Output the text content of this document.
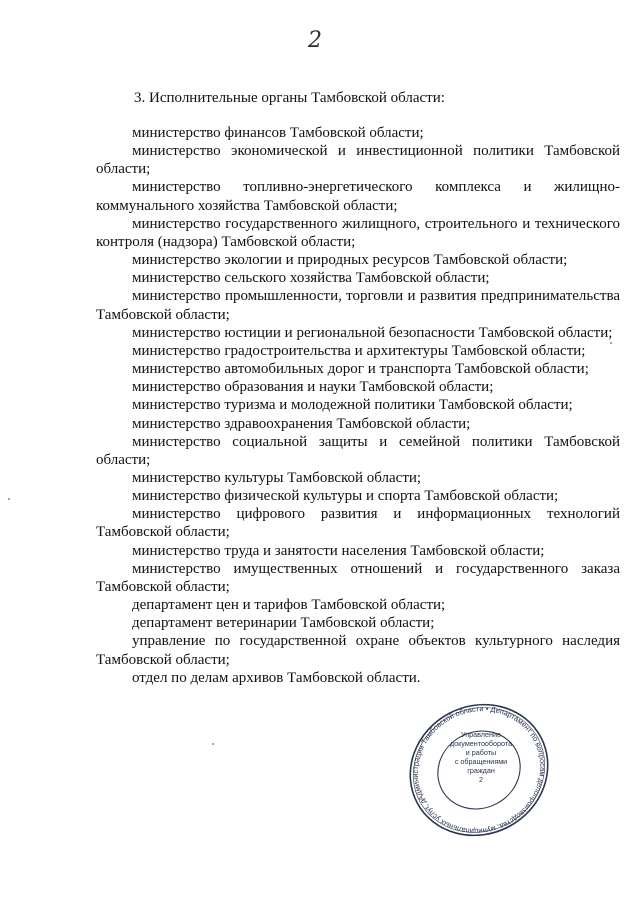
2
3. Исполнительные органы Тамбовской области:

министерство финансов Тамбовской области;

министерство экономической и инвестиционной политики Тамбовской области;

министерство топливно-энергетического комплекса и жилищно-коммунального хозяйства Тамбовской области;

министерство государственного жилищного, строительного и технического контроля (надзора) Тамбовской области;

министерство экологии и природных ресурсов Тамбовской области;

министерство сельского хозяйства Тамбовской области;

министерство промышленности, торговли и развития предпринимательства Тамбовской области;

министерство юстиции и региональной безопасности Тамбовской области;

министерство градостроительства и архитектуры Тамбовской области;

министерство автомобильных дорог и транспорта Тамбовской области;

министерство образования и науки Тамбовской области;

министерство туризма и молодежной политики Тамбовской области;

министерство здравоохранения Тамбовской области;

министерство социальной защиты и семейной политики Тамбовской области;

министерство культуры Тамбовской области;

министерство физической культуры и спорта Тамбовской области;

министерство цифрового развития и информационных технологий Тамбовской области;

министерство труда и занятости населения Тамбовской области;

министерство имущественных отношений и государственного заказа Тамбовской области;

департамент цен и тарифов Тамбовской области;

департамент ветеринарии Тамбовской области;

управление по государственной охране объектов культурного наследия Тамбовской области;

отдел по делам архивов Тамбовской области.

Администрация Тамбовской области • Департамент по вопросам делопроизводства, муниципальных услуг, документооборота
Управление
документооборота
и работы
с обращениями
граждан
2
